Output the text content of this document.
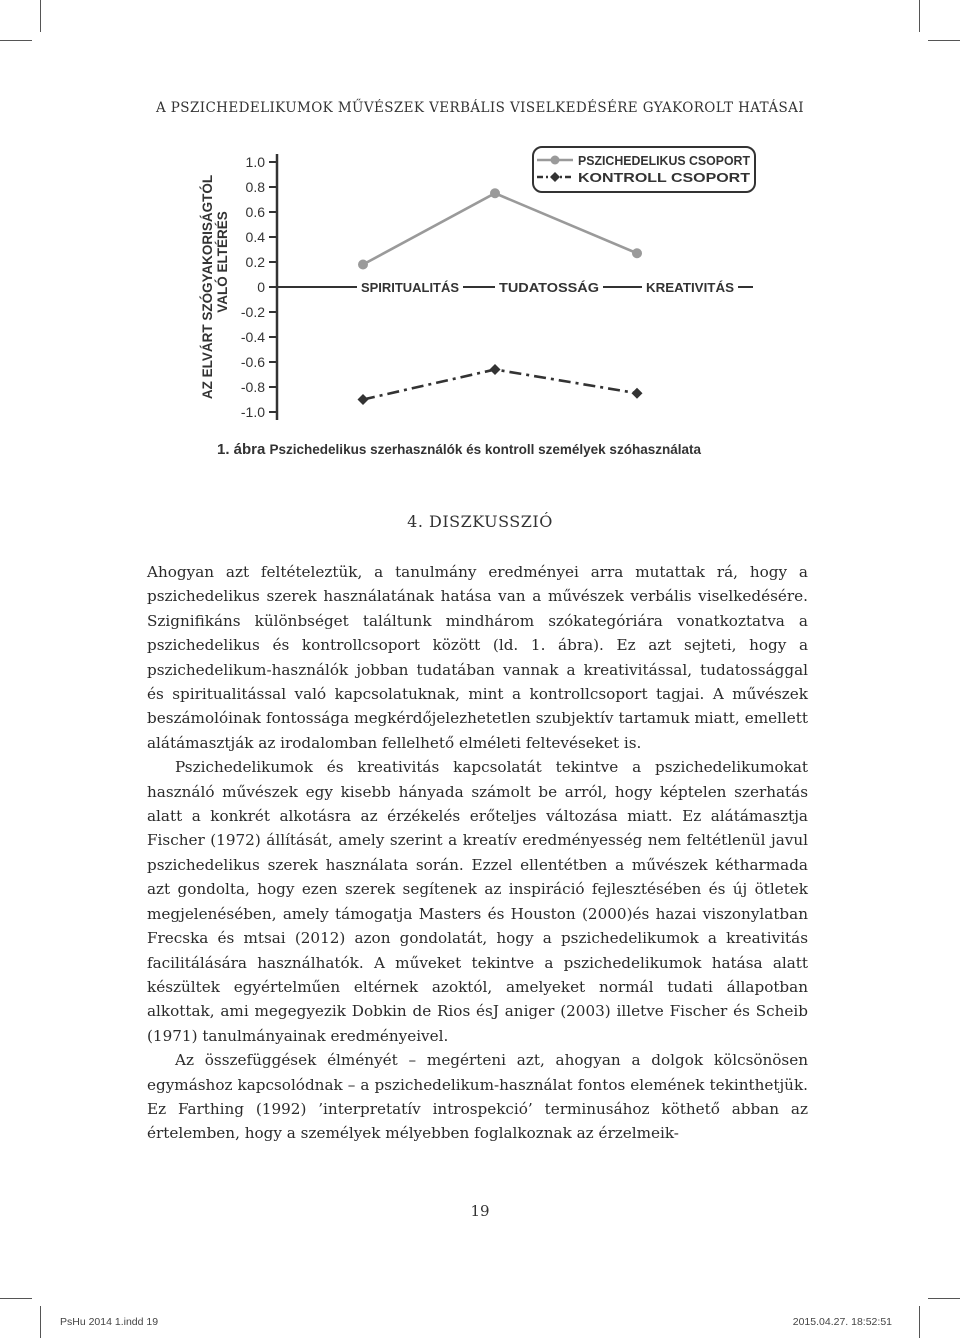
A PSZICHEDELIKUMOK MŰVÉSZEK VERBÁLIS VISELKEDÉSÉRE GYAKOROLT HATÁSAI
AZ ELVÁRT SZÓGYAKORISÁGTÓL VALÓ ELTÉRÉS
1.0
0.8
0.6
0.4
0.2
0
-0.2
-0.4
-0.6
-0.8
-1.0
SPIRITUALITÁS	TUDATOSSÁG	KREATIVITÁS
PSZICHEDELIKUS CSOPORT
KONTROLL CSOPORT
1. ábra Pszichedelikus szerhasználók és kontroll személyek szóhasználata
4. DISZKUSSZIÓ

Ahogyan azt feltételeztük, a tanulmány eredményei arra mutattak rá, hogy a pszichedelikus szerek használatának hatása van a művészek verbális viselkedésére. Szignifikáns különbséget találtunk mindhárom szókategóriára vonatkoztatva a pszichedelikus és kontrollcsoport között (ld. 1. ábra). Ez azt sejteti, hogy a pszichedelikum-használók jobban tudatában vannak a kreativitással, tudatossággal és spiritualitással való kapcsolatuknak, mint a kontrollcsoport tagjai. A művészek beszámolóinak fontossága megkérdőjelezhetetlen szubjektív tartamuk miatt, emellett alátámasztják az irodalomban fellelhető elméleti feltevéseket is.

Pszichedelikumok és kreativitás kapcsolatát tekintve a pszichedelikumokat használó művészek egy kisebb hányada számolt be arról, hogy képtelen szerhatás alatt a konkrét alkotásra az érzékelés erőteljes változása miatt. Ez alátámasztja Fischer (1972) állítását, amely szerint a kreatív eredményesség nem feltétlenül javul pszichedelikus szerek használata során. Ezzel ellentétben a művészek kétharmada azt gondolta, hogy ezen szerek segítenek az inspiráció fejlesztésében és új ötletek megjelenésében, amely támogatja Masters és Houston (2000)és hazai viszonylatban Frecska és mtsai (2012) azon gondolatát, hogy a pszichedelikumok a kreativitás facilitálására használhatók. A műveket tekintve a pszichedelikumok hatása alatt készültek egyértelműen eltérnek azoktól, amelyeket normál tudati állapotban alkottak, ami megegyezik Dobkin de Rios ésJ aniger (2003) illetve Fischer és Scheib (1971) tanulmányainak eredményeivel.

Az összefüggések élményét – megérteni azt, ahogyan a dolgok kölcsönösen egymáshoz kapcsolódnak – a pszichedelikum-használat fontos elemének tekinthetjük. Ez Farthing (1992) ’interpretatív introspekció’ terminusához köthető abban az értelemben, hogy a személyek mélyebben foglalkoznak az érzelmeik-

19
PsHu 2014 1.indd 19	2015.04.27. 18:52:51
